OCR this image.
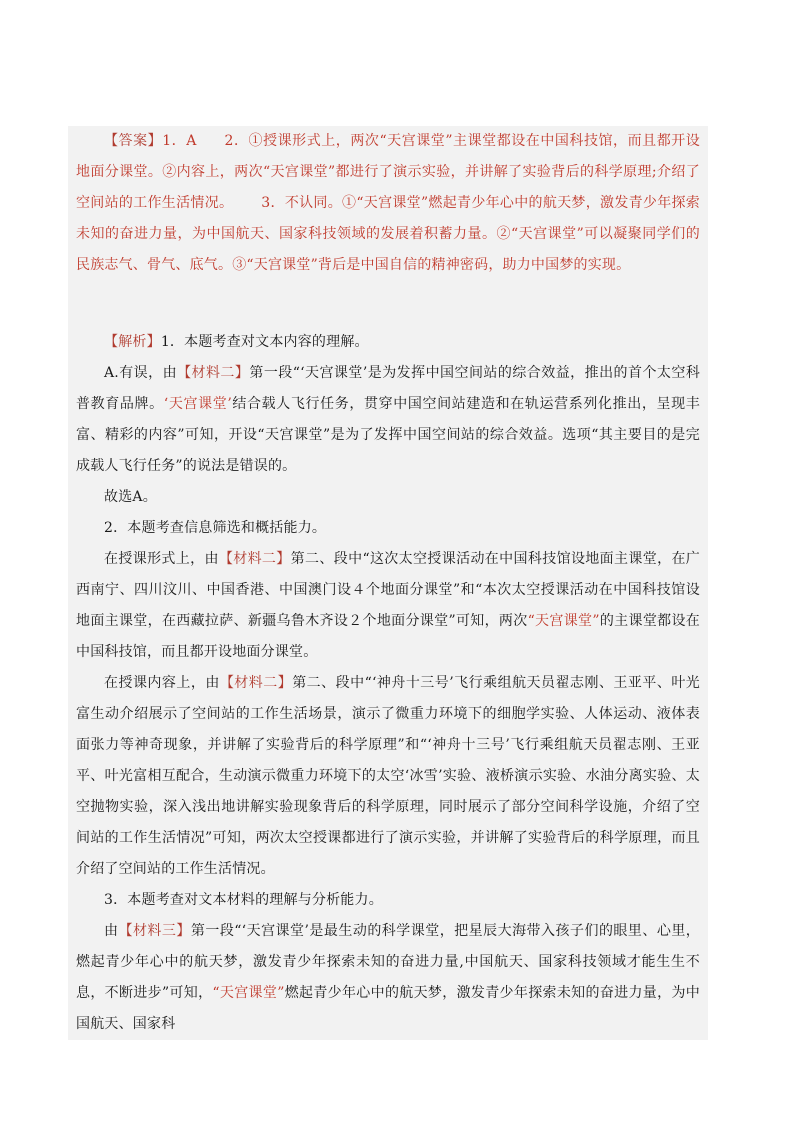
【答案】1．A 2．①授课形式上，两次“天宫课堂”主课堂都设在中国科技馆，而且都开设地面分课堂。②内容上，两次“天宫课堂”都进行了演示实验，并讲解了实验背后的科学原理;介绍了空间站的工作生活情况。 3．不认同。①“天宫课堂”燃起青少年心中的航天梦，激发青少年探索未知的奋进力量，为中国航天、国家科技领域的发展着积蓄力量。②“天宫课堂”可以凝聚同学们的民族志气、骨气、底气。③“天宫课堂”背后是中国自信的精神密码，助力中国梦的实现。

【解析】1．本题考查对文本内容的理解。

A.有误，由【材料二】第一段“‘天宫课堂’是为发挥中国空间站的综合效益，推出的首个太空科普教育品牌。‘天宫课堂’结合载人飞行任务，贯穿中国空间站建造和在轨运营系列化推出，呈现丰富、精彩的内容”可知，开设“天宫课堂”是为了发挥中国空间站的综合效益。选项“其主要目的是完成载人飞行任务”的说法是错误的。

故选A。

2．本题考查信息筛选和概括能力。

在授课形式上，由【材料二】第二、段中“这次太空授课活动在中国科技馆设地面主课堂，在广西南宁、四川汶川、中国香港、中国澳门设４个地面分课堂”和“本次太空授课活动在中国科技馆设地面主课堂，在西藏拉萨、新疆乌鲁木齐设２个地面分课堂”可知，两次“天宫课堂”的主课堂都设在中国科技馆，而且都开设地面分课堂。

在授课内容上，由【材料二】第二、段中“‘神舟十三号’飞行乘组航天员翟志刚、王亚平、叶光富生动介绍展示了空间站的工作生活场景，演示了微重力环境下的细胞学实验、人体运动、液体表面张力等神奇现象，并讲解了实验背后的科学原理”和“‘神舟十三号’飞行乘组航天员翟志刚、王亚平、叶光富相互配合，生动演示微重力环境下的太空‘冰雪’实验、液桥演示实验、水油分离实验、太空抛物实验，深入浅出地讲解实验现象背后的科学原理，同时展示了部分空间科学设施，介绍了空间站的工作生活情况”可知，两次太空授课都进行了演示实验，并讲解了实验背后的科学原理，而且介绍了空间站的工作生活情况。

3．本题考查对文本材料的理解与分析能力。

由【材料三】第一段“‘天宫课堂’是最生动的科学课堂，把星辰大海带入孩子们的眼里、心里，燃起青少年心中的航天梦，激发青少年探索未知的奋进力量,中国航天、国家科技领域才能生生不息，不断进步”可知，“天宫课堂”燃起青少年心中的航天梦，激发青少年探索未知的奋进力量，为中国航天、国家科
